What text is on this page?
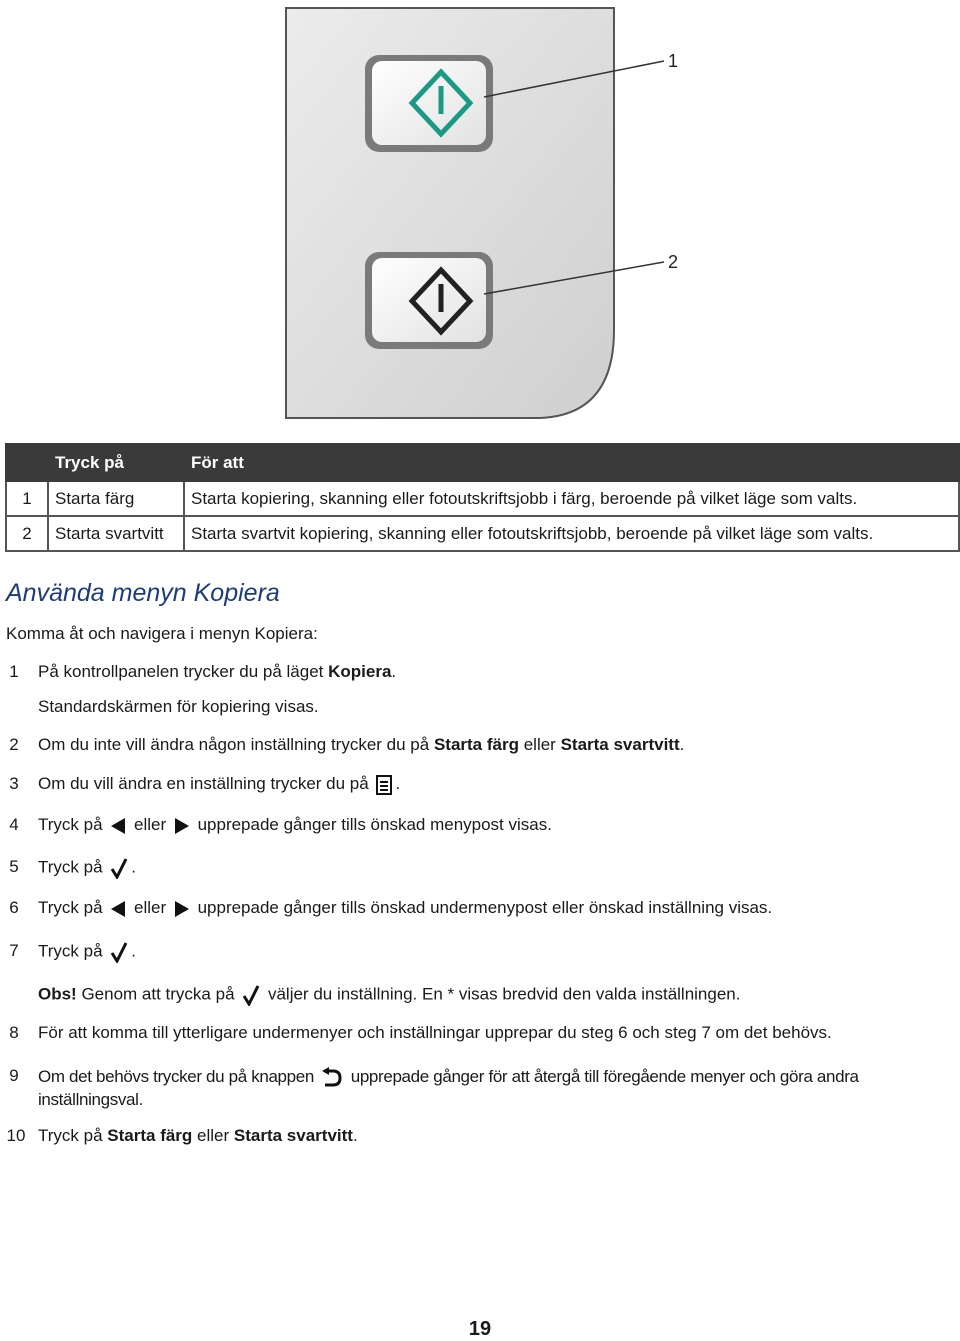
1
2
	Tryck på	För att
1	Starta färg	Starta kopiering, skanning eller fotoutskriftsjobb i färg, beroende på vilket läge som valts.
2	Starta svartvitt	Starta svartvit kopiering, skanning eller fotoutskriftsjobb, beroende på vilket läge som valts.
Använda menyn Kopiera

Komma åt och navigera i menyn Kopiera:

1	På kontrollpanelen trycker du på läget Kopiera.
Standardskärmen för kopiering visas.
2	Om du inte vill ändra någon inställning trycker du på Starta färg eller Starta svartvitt.
3	Om du vill ändra en inställning trycker du på .
4	Tryck på  eller  upprepade gånger tills önskad menypost visas.
5	Tryck på .
6	Tryck på  eller  upprepade gånger tills önskad undermenypost eller önskad inställning visas.
7	Tryck på .
Obs! Genom att trycka på  väljer du inställning. En * visas bredvid den valda inställningen.
8	För att komma till ytterligare undermenyer och inställningar upprepar du steg 6 och steg 7 om det behövs.
9	Om det behövs trycker du på knappen  upprepade gånger för att återgå till föregående menyer och göra andra inställningsval.
10 Tryck på Starta färg eller Starta svartvitt.
19
